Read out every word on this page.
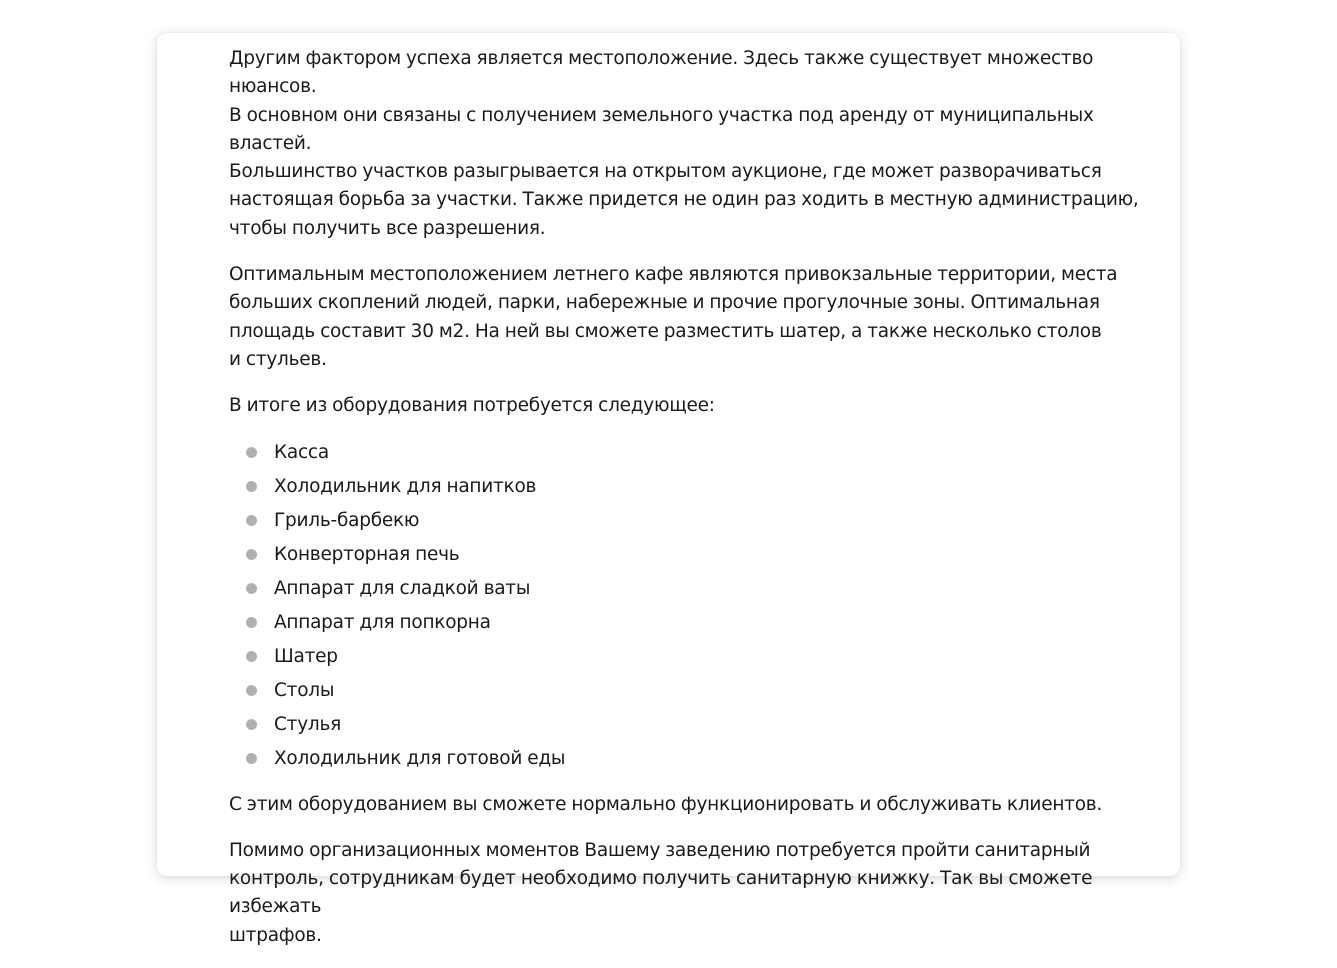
Другим фактором успеха является местоположение. Здесь также существует множество нюансов.
В основном они связаны с получением земельного участка под аренду от муниципальных властей.
Большинство участков разыгрывается на открытом аукционе, где может разворачиваться
настоящая борьба за участки. Также придется не один раз ходить в местную администрацию,
чтобы получить все разрешения.

Оптимальным местоположением летнего кафе являются привокзальные территории, места
больших скоплений людей, парки, набережные и прочие прогулочные зоны. Оптимальная
площадь составит 30 м2. На ней вы сможете разместить шатер, а также несколько столов
и стульев.

В итоге из оборудования потребуется следующее:

Касса
Холодильник для напитков
Гриль-барбекю
Конверторная печь
Аппарат для сладкой ваты
Аппарат для попкорна
Шатер
Столы
Стулья
Холодильник для готовой еды

С этим оборудованием вы сможете нормально функционировать и обслуживать клиентов.

Помимо организационных моментов Вашему заведению потребуется пройти санитарный
контроль, сотрудникам будет необходимо получить санитарную книжку. Так вы сможете избежать
штрафов.
